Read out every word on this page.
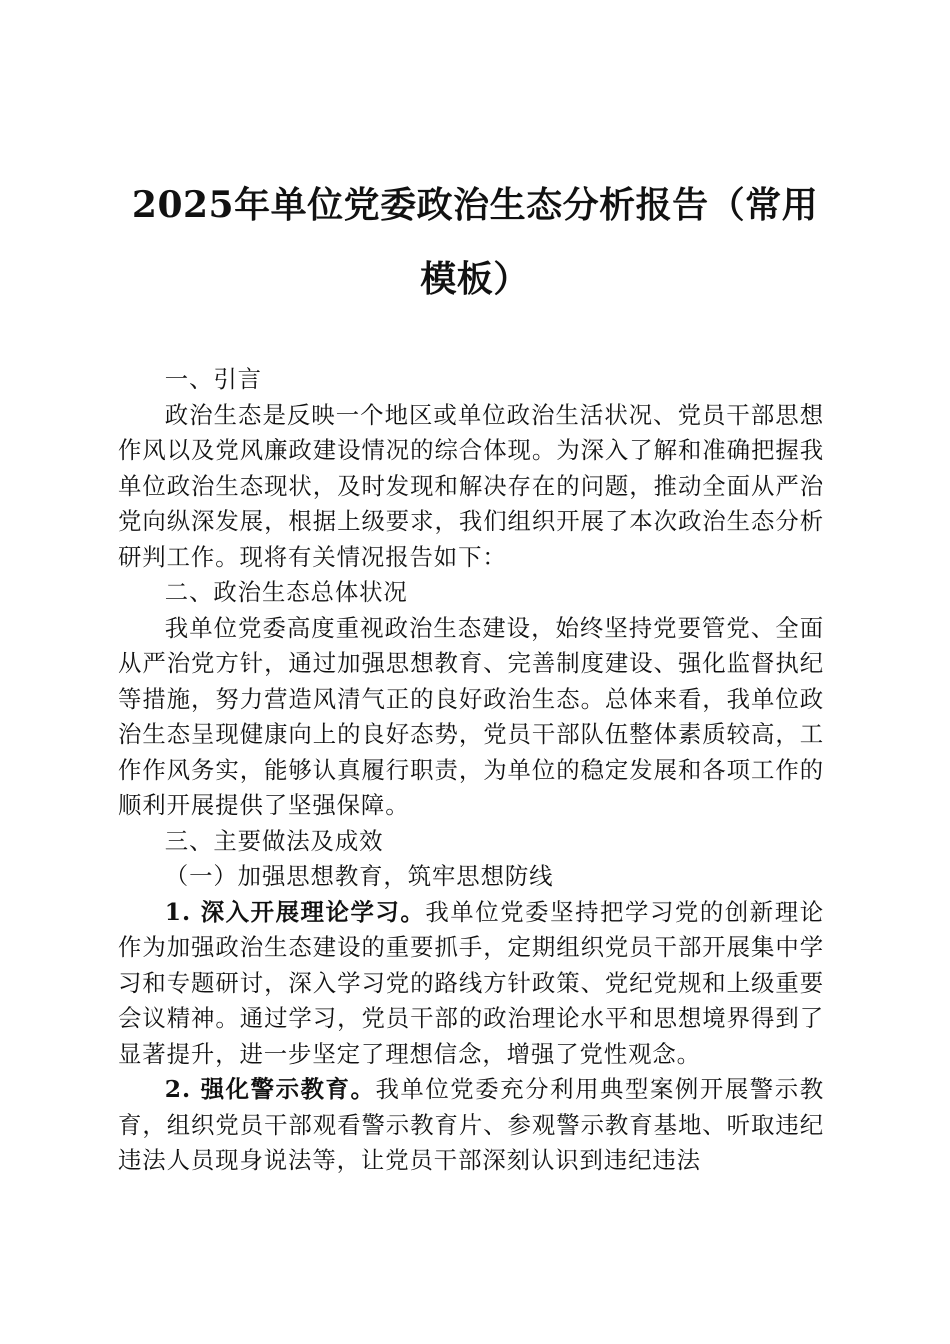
2025年单位党委政治生态分析报告（常用模板）

一、引言

政治生态是反映一个地区或单位政治生活状况、党员干部思想作风以及党风廉政建设情况的综合体现。为深入了解和准确把握我单位政治生态现状，及时发现和解决存在的问题，推动全面从严治党向纵深发展，根据上级要求，我们组织开展了本次政治生态分析研判工作。现将有关情况报告如下：

二、政治生态总体状况

我单位党委高度重视政治生态建设，始终坚持党要管党、全面从严治党方针，通过加强思想教育、完善制度建设、强化监督执纪等措施，努力营造风清气正的良好政治生态。总体来看，我单位政治生态呈现健康向上的良好态势，党员干部队伍整体素质较高，工作作风务实，能够认真履行职责，为单位的稳定发展和各项工作的顺利开展提供了坚强保障。

三、主要做法及成效

（一）加强思想教育，筑牢思想防线

1. 深入开展理论学习。我单位党委坚持把学习党的创新理论作为加强政治生态建设的重要抓手，定期组织党员干部开展集中学习和专题研讨，深入学习党的路线方针政策、党纪党规和上级重要会议精神。通过学习，党员干部的政治理论水平和思想境界得到了显著提升，进一步坚定了理想信念，增强了党性观念。

2. 强化警示教育。我单位党委充分利用典型案例开展警示教育，组织党员干部观看警示教育片、参观警示教育基地、听取违纪违法人员现身说法等，让党员干部深刻认识到违纪违法
